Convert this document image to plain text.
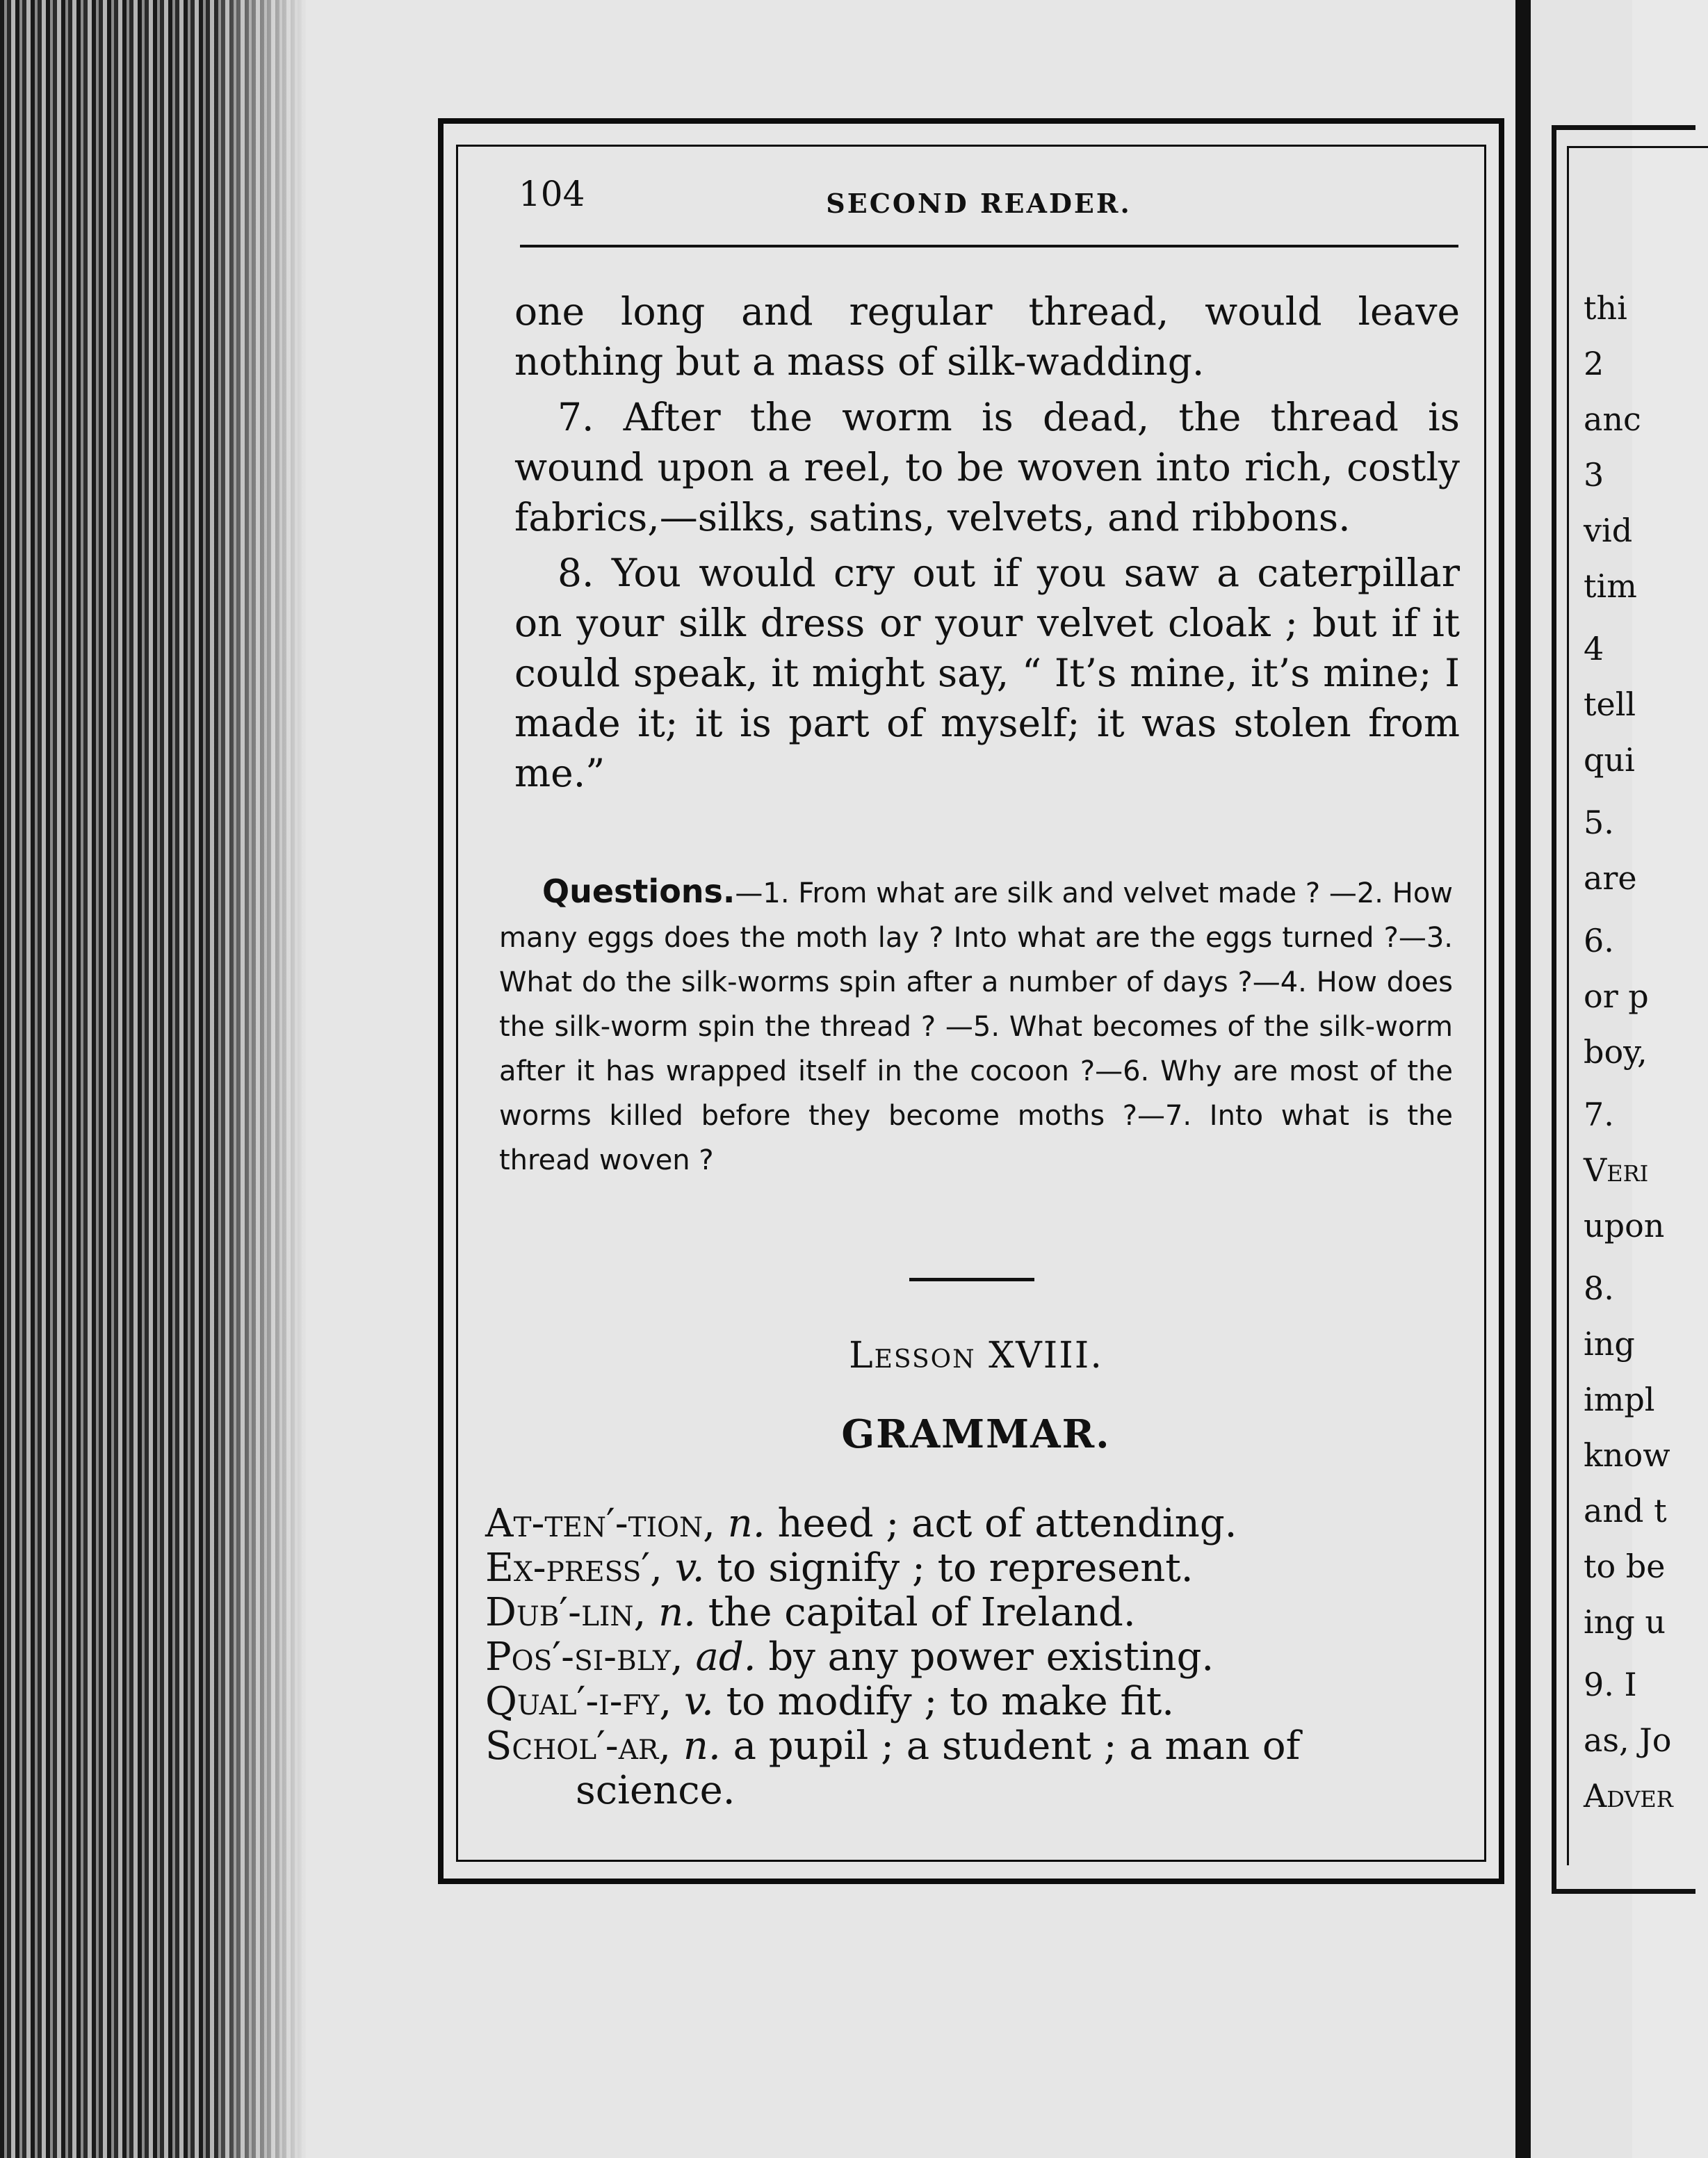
thi
2
anc
3
vid
tim
4
tell
qui
5.
are
6.
or p
boy,
7.
Veri
upon
8.
ing
impl
know
and t
to be
ing u
9. I
as, Jo
Adver
104	SECOND READER.

one long and regular thread, would leave nothing but a mass of silk-wadding.

7. After the worm is dead, the thread is wound upon a reel, to be woven into rich, costly fabrics,—silks, satins, velvets, and ribbons.

8. You would cry out if you saw a caterpillar on your silk dress or your velvet cloak ; but if it could speak, it might say, “ It’s mine, it’s mine; I made it; it is part of myself; it was stolen from me.”

Questions.—1. From what are silk and velvet made ? —2. How many eggs does the moth lay ? Into what are the eggs turned ?—3. What do the silk-worms spin after a number of days ?—4. How does the silk-worm spin the thread ? —5. What becomes of the silk-worm after it has wrapped itself in the cocoon ?—6. Why are most of the worms killed before they become moths ?—7. Into what is the thread woven ?
Lesson XVIII.
GRAMMAR.

At-ten′-tion, n. heed ; act of attending.

Ex-press′, v. to signify ; to represent.

Dub′-lin, n. the capital of Ireland.

Pos′-si-bly, ad. by any power existing.

Qual′-i-fy, v. to modify ; to make fit.

Schol′-ar, n. a pupil ; a student ; a man of

science.
